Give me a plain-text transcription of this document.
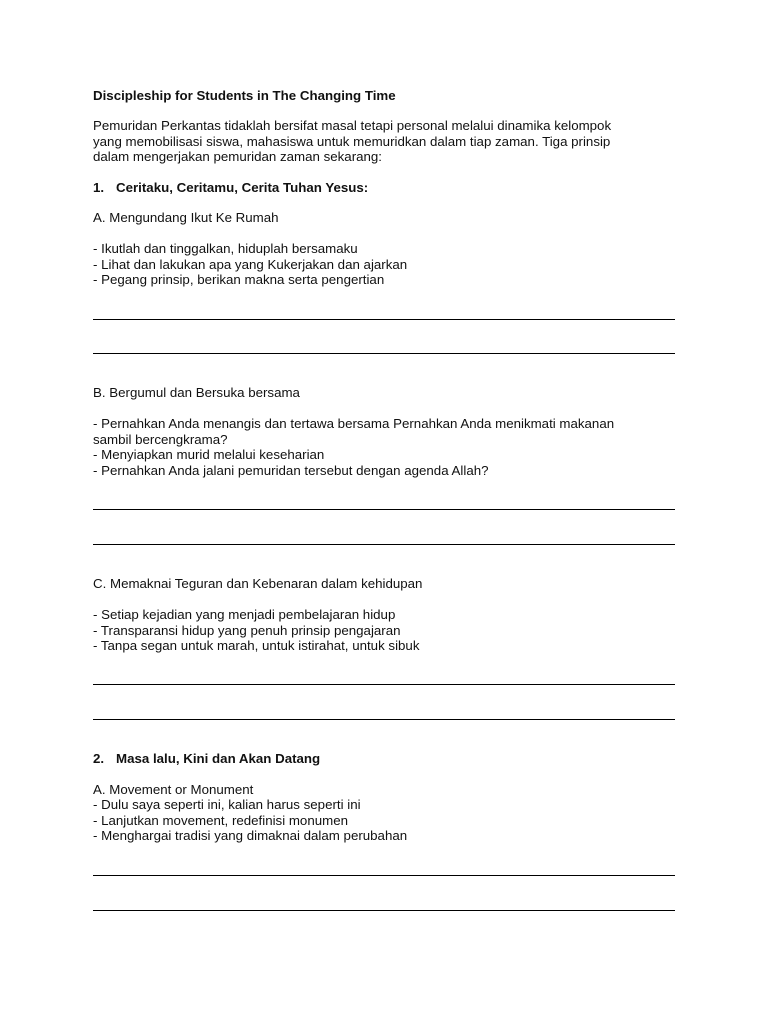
Discipleship for Students in The Changing Time

Pemuridan Perkantas tidaklah bersifat masal tetapi personal melalui dinamika kelompok
yang memobilisasi siswa, mahasiswa untuk memuridkan dalam tiap zaman. Tiga prinsip
dalam mengerjakan pemuridan zaman sekarang:

1. Ceritaku, Ceritamu, Cerita Tuhan Yesus:

A. Mengundang Ikut Ke Rumah

- Ikutlah dan tinggalkan, hiduplah bersamaku
- Lihat dan lakukan apa yang Kukerjakan dan ajarkan
- Pegang prinsip, berikan makna serta pengertian

B. Bergumul dan Bersuka bersama

- Pernahkan Anda menangis dan tertawa bersama Pernahkan Anda menikmati makanan
sambil bercengkrama?
- Menyiapkan murid melalui keseharian
- Pernahkan Anda jalani pemuridan tersebut dengan agenda Allah?

C. Memaknai Teguran dan Kebenaran dalam kehidupan

- Setiap kejadian yang menjadi pembelajaran hidup
- Transparansi hidup yang penuh prinsip pengajaran
- Tanpa segan untuk marah, untuk istirahat, untuk sibuk

2. Masa lalu, Kini dan Akan Datang

A. Movement or Monument

- Dulu saya seperti ini, kalian harus seperti ini
- Lanjutkan movement, redefinisi monumen
- Menghargai tradisi yang dimaknai dalam perubahan
